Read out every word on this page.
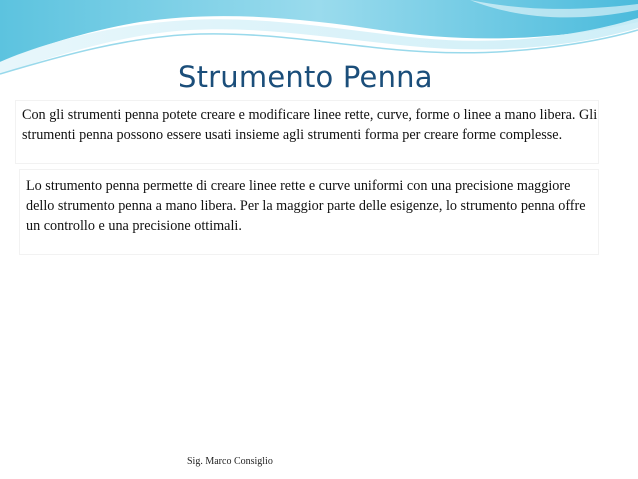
Strumento Penna
Con gli strumenti penna potete creare e modificare linee rette, curve, forme o linee a mano libera. Gli strumenti penna possono essere usati insieme agli strumenti forma per creare forme complesse.
Lo strumento penna permette di creare linee rette e curve uniformi con una precisione maggiore dello strumento penna a mano libera. Per la maggior parte delle esigenze, lo strumento penna offre un controllo e una precisione ottimali.
Sig. Marco Consiglio
